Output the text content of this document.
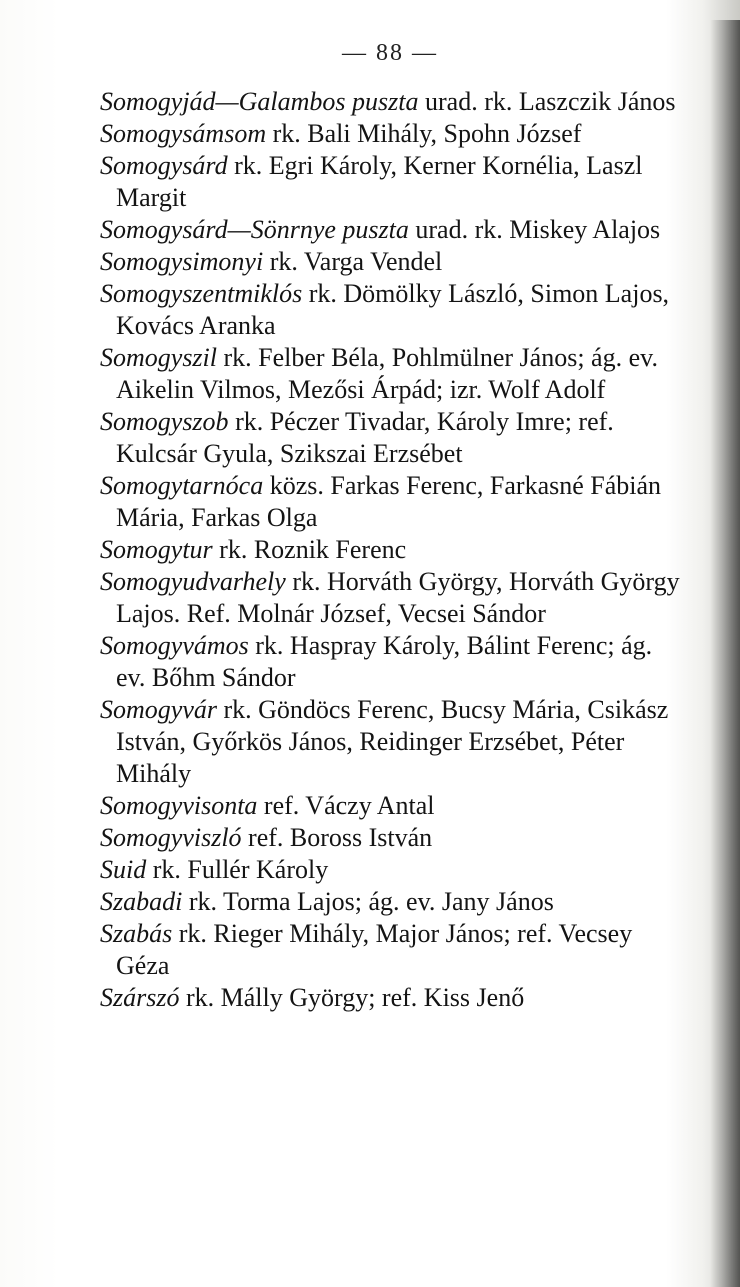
— 88 —

Somogyjád—Galambos puszta urad. rk. Laszczik János

Somogysámsom rk. Bali Mihály, Spohn József

Somogysárd rk. Egri Károly, Kerner Kornélia, Laszl Margit

Somogysárd—Sönrnye puszta urad. rk. Miskey Alajos

Somogysimonyi rk. Varga Vendel

Somogyszentmiklós rk. Dömölky László, Simon Lajos, Kovács Aranka

Somogyszil rk. Felber Béla, Pohlmülner János; ág. ev. Aikelin Vilmos, Mezősi Árpád; izr. Wolf Adolf

Somogyszob rk. Péczer Tivadar, Károly Imre; ref. Kulcsár Gyula, Szikszai Erzsébet

Somogytarnóca közs. Farkas Ferenc, Farkasné Fábián Mária, Farkas Olga

Somogytur rk. Roznik Ferenc

Somogyudvarhely rk. Horváth György, Horváth György Lajos. Ref. Molnár József, Vecsei Sándor

Somogyvámos rk. Haspray Károly, Bálint Ferenc; ág. ev. Bőhm Sándor

Somogyvár rk. Göndöcs Ferenc, Bucsy Mária, Csikász István, Győrkös János, Reidinger Erzsébet, Péter Mihály

Somogyvisonta ref. Váczy Antal

Somogyviszló ref. Boross István

Suid rk. Fullér Károly

Szabadi rk. Torma Lajos; ág. ev. Jany János

Szabás rk. Rieger Mihály, Major János; ref. Vecsey Géza

Szárszó rk. Málly György; ref. Kiss Jenő
